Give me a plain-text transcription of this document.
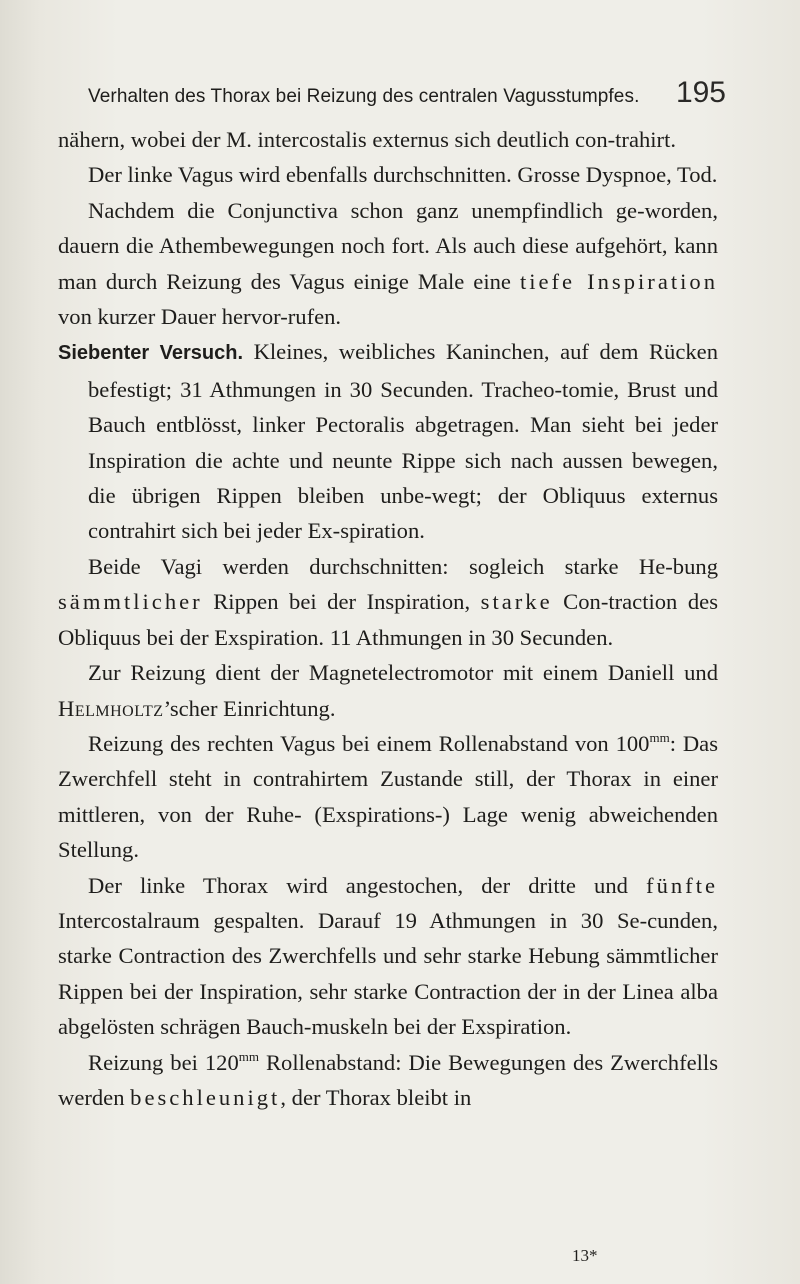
Verhalten des Thorax bei Reizung des centralen Vagusstumpfes. 195

nähern, wobei der M. intercostalis externus sich deutlich con-trahirt.

Der linke Vagus wird ebenfalls durchschnitten. Grosse Dyspnoe, Tod.

Nachdem die Conjunctiva schon ganz unempfindlich ge-worden, dauern die Athembewegungen noch fort. Als auch diese aufgehört, kann man durch Reizung des Vagus einige Male eine tiefe Inspiration von kurzer Dauer hervor-rufen.

Siebenter Versuch. Kleines, weibliches Kaninchen, auf dem Rücken befestigt; 31 Athmungen in 30 Secunden. Tracheo-tomie, Brust und Bauch entblösst, linker Pectoralis abgetragen. Man sieht bei jeder Inspiration die achte und neunte Rippe sich nach aussen bewegen, die übrigen Rippen bleiben unbe-wegt; der Obliquus externus contrahirt sich bei jeder Ex-spiration.

Beide Vagi werden durchschnitten: sogleich starke He-bung sämmtlicher Rippen bei der Inspiration, starke Con-traction des Obliquus bei der Exspiration. 11 Athmungen in 30 Secunden.

Zur Reizung dient der Magnetelectromotor mit einem Daniell und Helmholtz’scher Einrichtung.

Reizung des rechten Vagus bei einem Rollenabstand von $100^{mm}$: Das Zwerchfell steht in contrahirtem Zustande still, der Thorax in einer mittleren, von der Ruhe- (Exspirations-) Lage wenig abweichenden Stellung.

Der linke Thorax wird angestochen, der dritte und fünfte Intercostalraum gespalten. Darauf 19 Athmungen in 30 Se-cunden, starke Contraction des Zwerchfells und sehr starke Hebung sämmtlicher Rippen bei der Inspiration, sehr starke Contraction der in der Linea alba abgelösten schrägen Bauch-muskeln bei der Exspiration.

Reizung bei $120^{mm}$ Rollenabstand: Die Bewegungen des Zwerchfells werden beschleunigt, der Thorax bleibt in

13*
